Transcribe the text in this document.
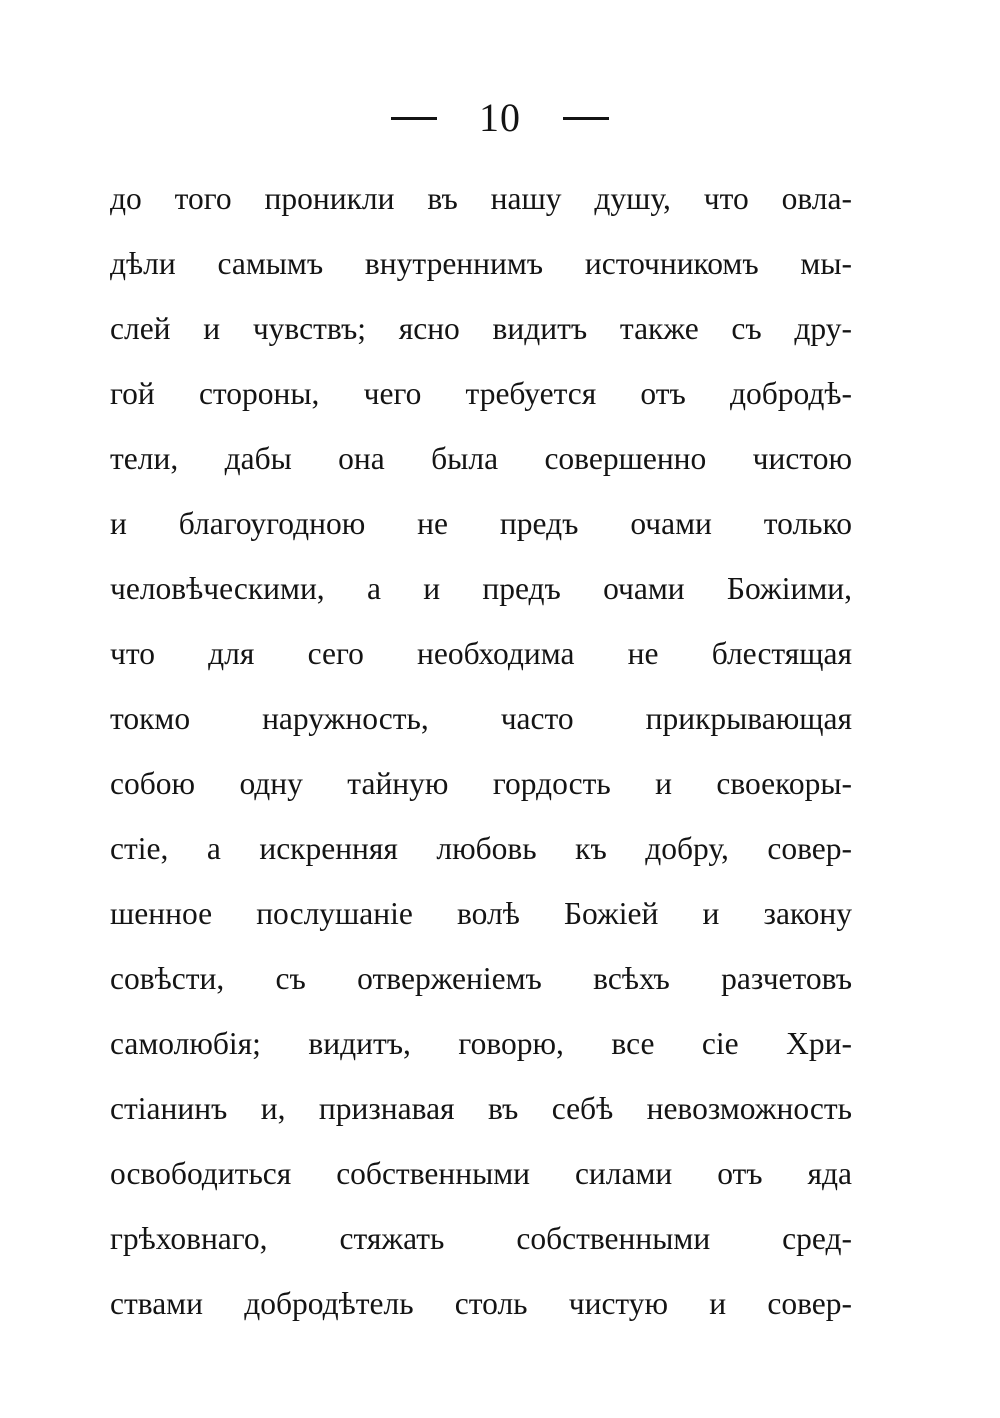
10
до того проникли въ нашу душу, что овла-
дѣли самымъ внутреннимъ источникомъ мы-
слей и чувствъ; ясно видитъ также съ дру-
гой стороны, чего требуется отъ добродѣ-
тели, дабы она была совершенно чистою
и благоугодною не предъ очами только
человѣческими, а и предъ очами Божіими,
что для сего необходима не блестящая
токмо наружность, часто прикрывающая
собою одну тайную гордость и своекоры-
стіе, а искренняя любовь къ добру, совер-
шенное послушаніе волѣ Божіей и закону
совѣсти, съ отверженіемъ всѣхъ разчетовъ
самолюбія; видитъ, говорю, все сіе Хри-
стіанинъ и, признавая въ себѣ невозможность
освободиться собственными силами отъ яда
грѣховнаго, стяжать собственными сред-
ствами добродѣтель столь чистую и совер-
